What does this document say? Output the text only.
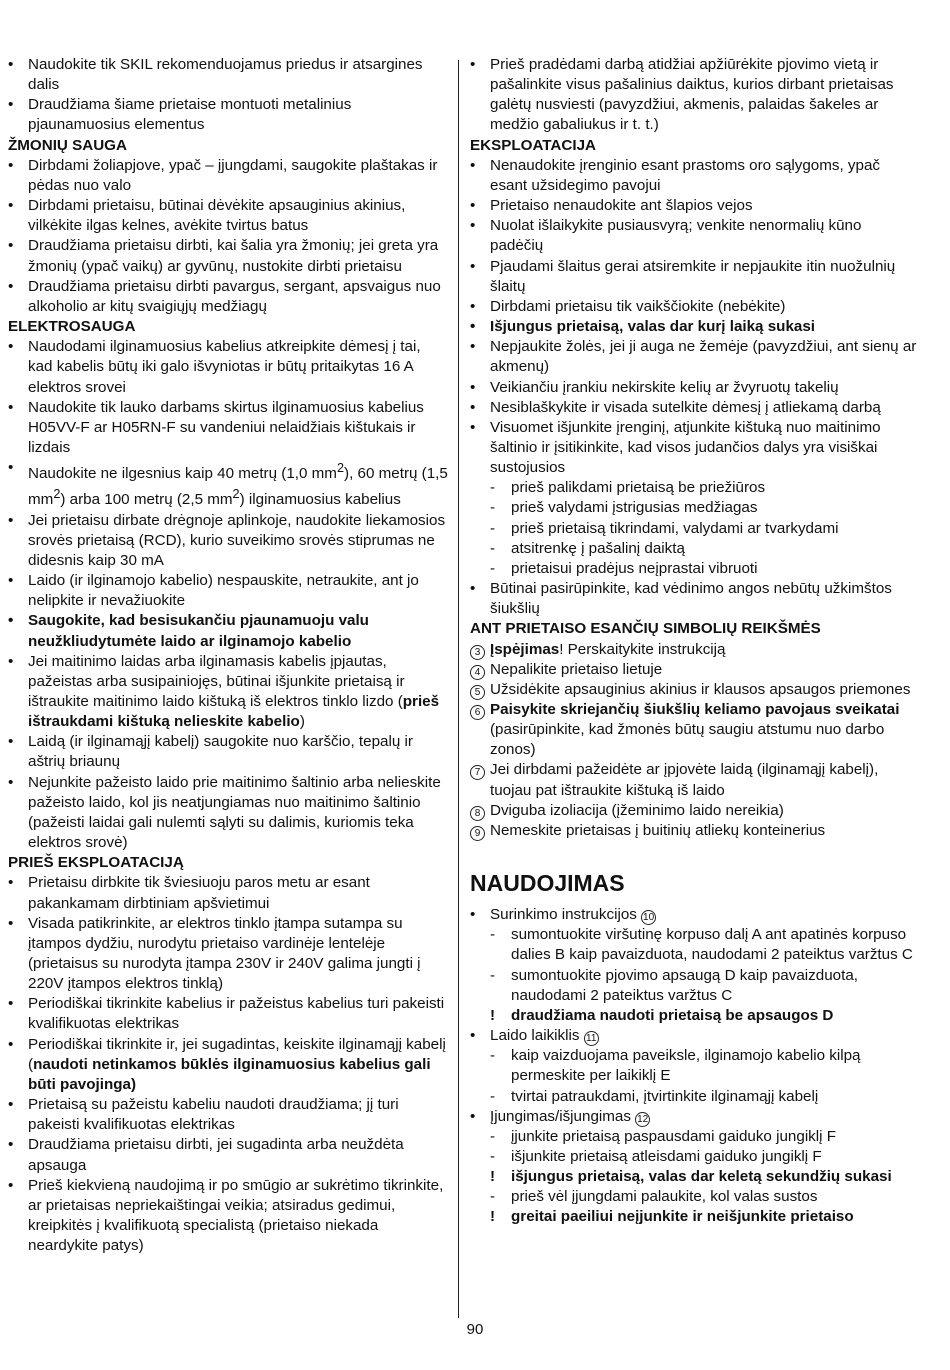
• Naudokite tik SKIL rekomenduojamus priedus ir atsargines dalis

• Draudžiama šiame prietaise montuoti metalinius pjaunamuosius elementus

ŽMONIŲ SAUGA

• Dirbdami žoliapjove, ypač – įjungdami, saugokite plaštakas ir pėdas nuo valo

• Dirbdami prietaisu, būtinai dėvėkite apsauginius akinius, vilkėkite ilgas kelnes, avėkite tvirtus batus

• Draudžiama prietaisu dirbti, kai šalia yra žmonių; jei greta yra žmonių (ypač vaikų) ar gyvūnų, nustokite dirbti prietaisu

• Draudžiama prietaisu dirbti pavargus, sergant, apsvaigus nuo alkoholio ar kitų svaigiųjų medžiagų

ELEKTROSAUGA

• Naudodami ilginamuosius kabelius atkreipkite dėmesį į tai, kad kabelis būtų iki galo išvyniotas ir būtų pritaikytas 16 A elektros srovei

• Naudokite tik lauko darbams skirtus ilginamuosius kabelius H05VV-F ar H05RN-F su vandeniui nelaidžiais kištukais ir lizdais

• Naudokite ne ilgesnius kaip 40 metrų (1,0 $mm^2$), 60 metrų (1,5 $mm^2$) arba 100 metrų (2,5 $mm^2$) ilginamuosius kabelius

• Jei prietaisu dirbate drėgnoje aplinkoje, naudokite liekamosios srovės prietaisą (RCD), kurio suveikimo srovės stiprumas ne didesnis kaip 30 mA

• Laido (ir ilginamojo kabelio) nespauskite, netraukite, ant jo nelipkite ir nevažiuokite

• Saugokite, kad besisukančiu pjaunamuoju valu neužkliudytumėte laido ar ilginamojo kabelio

• Jei maitinimo laidas arba ilginamasis kabelis įpjautas, pažeistas arba susipainiojęs, būtinai išjunkite prietaisą ir ištraukite maitinimo laido kištuką iš elektros tinklo lizdo (prieš ištraukdami kištuką nelieskite kabelio)

• Laidą (ir ilginamąjį kabelį) saugokite nuo karščio, tepalų ir aštrių briaunų

• Nejunkite pažeisto laido prie maitinimo šaltinio arba nelieskite pažeisto laido, kol jis neatjungiamas nuo maitinimo šaltinio (pažeisti laidai gali nulemti sąlyti su dalimis, kuriomis teka elektros srovė)

PRIEŠ EKSPLOATACIJĄ

• Prietaisu dirbkite tik šviesiuoju paros metu ar esant pakankamam dirbtiniam apšvietimui

• Visada patikrinkite, ar elektros tinklo įtampa sutampa su įtampos dydžiu, nurodytu prietaiso vardinėje lentelėje (prietaisus su nurodyta įtampa 230V ir 240V galima jungti į 220V įtampos elektros tinklą)

• Periodiškai tikrinkite kabelius ir pažeistus kabelius turi pakeisti kvalifikuotas elektrikas

• Periodiškai tikrinkite ir, jei sugadintas, keiskite ilginamąjį kabelį (naudoti netinkamos būklės ilginamuosius kabelius gali būti pavojinga)

• Prietaisą su pažeistu kabeliu naudoti draudžiama; jį turi pakeisti kvalifikuotas elektrikas

• Draudžiama prietaisu dirbti, jei sugadinta arba neuždėta apsauga

• Prieš kiekvieną naudojimą ir po smūgio ar sukrėtimo tikrinkite, ar prietaisas nepriekaištingai veikia; atsiradus gedimui, kreipkitės į kvalifikuotą specialistą (prietaiso niekada neardykite patys)

• Prieš pradėdami darbą atidžiai apžiūrėkite pjovimo vietą ir pašalinkite visus pašalinius daiktus, kurios dirbant prietaisas galėtų nusviesti (pavyzdžiui, akmenis, palaidas šakeles ar medžio gabaliukus ir t. t.)

EKSPLOATACIJA

• Nenaudokite įrenginio esant prastoms oro sąlygoms, ypač esant užsidegimo pavojui

• Prietaiso nenaudokite ant šlapios vejos

• Nuolat išlaikykite pusiausvyrą; venkite nenormalių kūno padėčių

• Pjaudami šlaitus gerai atsiremkite ir nepjaukite itin nuožulnių šlaitų

• Dirbdami prietaisu tik vaikščiokite (nebėkite)

• Išjungus prietaisą, valas dar kurį laiką sukasi

• Nepjaukite žolės, jei ji auga ne žemėje (pavyzdžiui, ant sienų ar akmenų)

• Veikiančiu įrankiu nekirskite kelių ar žvyruotų takelių

• Nesiblaškykite ir visada sutelkite dėmesį į atliekamą darbą

• Visuomet išjunkite įrenginį, atjunkite kištuką nuo maitinimo šaltinio ir įsitikinkite, kad visos judančios dalys yra visiškai sustojusios

-	prieš palikdami prietaisą be priežiūros

-	prieš valydami įstrigusias medžiagas

-	prieš prietaisą tikrindami, valydami ar tvarkydami

-	atsitrenkę į pašalinį daiktą

-	prietaisui pradėjus neįprastai vibruoti

• Būtinai pasirūpinkite, kad vėdinimo angos nebūtų užkimštos šiukšlių

ANT PRIETAISO ESANČIŲ SIMBOLIŲ REIKŠMĖS

3 Įspėjimas! Perskaitykite instrukciją

4 Nepalikite prietaiso lietuje

5 Užsidėkite apsauginius akinius ir klausos apsaugos priemones

6 Paisykite skriejančių šiukšlių keliamo pavojaus sveikatai (pasirūpinkite, kad žmonės būtų saugiu atstumu nuo darbo zonos)

7 Jei dirbdami pažeidėte ar įpjovėte laidą (ilginamąjį kabelį), tuojau pat ištraukite kištuką iš laido

8 Dviguba izoliacija (įžeminimo laido nereikia)

9 Nemeskite prietaisas į buitinių atliekų konteinerius

NAUDOJIMAS

• Surinkimo instrukcijos 10

-	sumontuokite viršutinę korpuso dalį A ant apatinės korpuso dalies B kaip pavaizduota, naudodami 2 pateiktus varžtus C

-	sumontuokite pjovimo apsaugą D kaip pavaizduota, naudodami 2 pateiktus varžtus C

!	draudžiama naudoti prietaisą be apsaugos D

• Laido laikiklis 11

-	kaip vaizduojama paveiksle, ilginamojo kabelio kilpą permeskite per laikiklį E

-	tvirtai patraukdami, įtvirtinkite ilginamąjį kabelį

• Įjungimas/išjungimas 12

-	įjunkite prietaisą paspausdami gaiduko jungiklį F

-	išjunkite prietaisą atleisdami gaiduko jungiklį F

!	išjungus prietaisą, valas dar keletą sekundžių sukasi

-	prieš vėl įjungdami palaukite, kol valas sustos

!	greitai paeiliui neįjunkite ir neišjunkite prietaiso

90
